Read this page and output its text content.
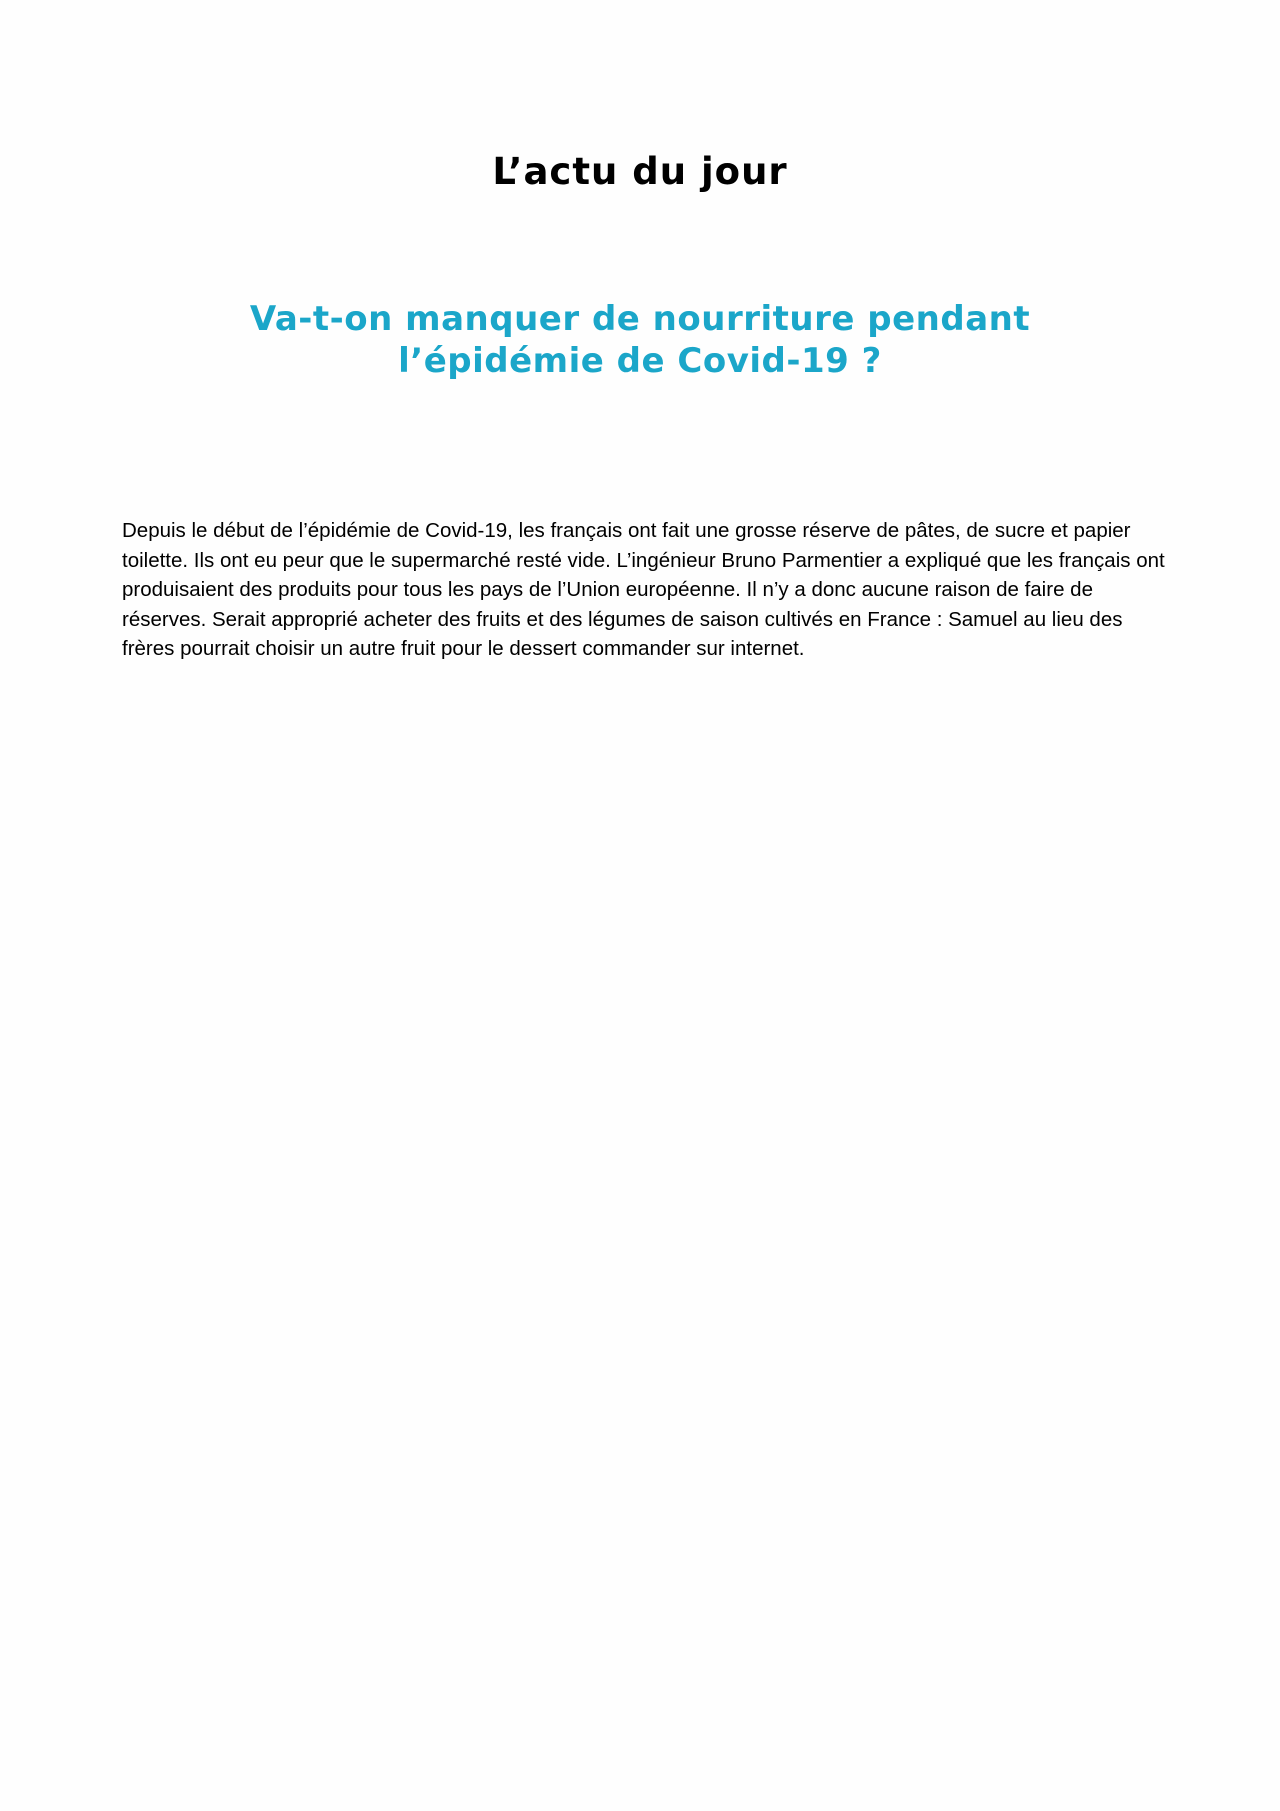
L’actu du jour
Va-t-on manquer de nourriture pendant
l’épidémie de Covid-19 ?

Depuis le début de l’épidémie de Covid-19, les français ont fait une grosse réserve de pâtes, de sucre et papier toilette. Ils ont eu peur que le supermarché resté vide. L’ingénieur Bruno Parmentier a expliqué que les français ont produisaient des produits pour tous les pays de l’Union européenne. Il n’y a donc aucune raison de faire de réserves. Serait approprié acheter des fruits et des légumes de saison cultivés en France : Samuel au lieu des frères pourrait choisir un autre fruit pour le dessert commander sur internet.
